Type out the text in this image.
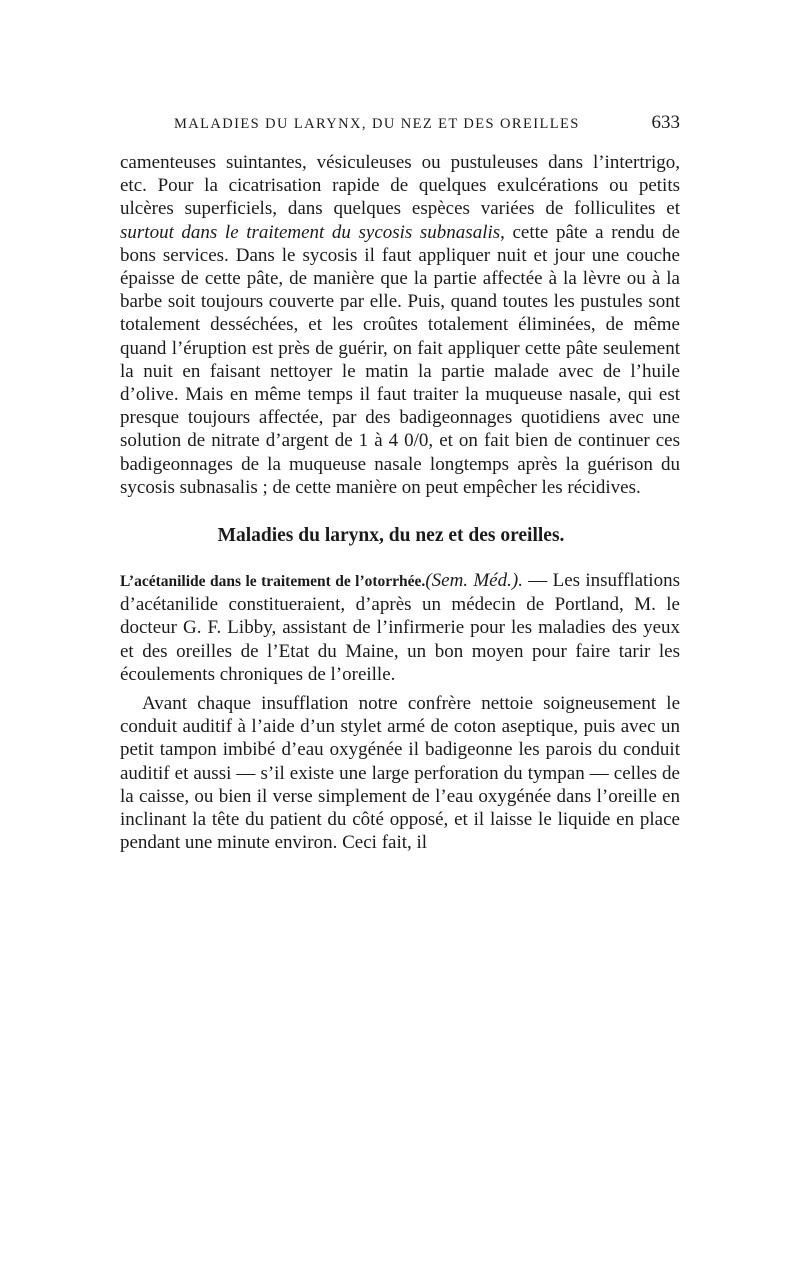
MALADIES DU LARYNX, DU NEZ ET DES OREILLES	633

camenteuses suintantes, vésiculeuses ou pustuleuses dans l’intertrigo, etc. Pour la cicatrisation rapide de quelques exulcérations ou petits ulcères superficiels, dans quelques espèces variées de folliculites et surtout dans le traitement du sycosis subnasalis, cette pâte a rendu de bons services. Dans le sycosis il faut appliquer nuit et jour une couche épaisse de cette pâte, de manière que la partie affectée à la lèvre ou à la barbe soit toujours couverte par elle. Puis, quand toutes les pustules sont totalement desséchées, et les croûtes totalement éliminées, de même quand l’éruption est près de guérir, on fait appliquer cette pâte seulement la nuit en faisant nettoyer le matin la partie malade avec de l’huile d’olive. Mais en même temps il faut traiter la muqueuse nasale, qui est presque toujours affectée, par des badigeonnages quotidiens avec une solution de nitrate d’argent de 1 à 4 0/0, et on fait bien de continuer ces badigeonnages de la muqueuse nasale longtemps après la guérison du sycosis subnasalis ; de cette manière on peut empêcher les récidives.

Maladies du larynx, du nez et des oreilles.

L’acétanilide dans le traitement de l’otorrhée.(Sem. Méd.). — Les insufflations d’acétanilide constitueraient, d’après un médecin de Portland, M. le docteur G. F. Libby, assistant de l’infirmerie pour les maladies des yeux et des oreilles de l’Etat du Maine, un bon moyen pour faire tarir les écoulements chroniques de l’oreille.

Avant chaque insufflation notre confrère nettoie soigneusement le conduit auditif à l’aide d’un stylet armé de coton aseptique, puis avec un petit tampon imbibé d’eau oxygénée il badigeonne les parois du conduit auditif et aussi — s’il existe une large perforation du tympan — celles de la caisse, ou bien il verse simplement de l’eau oxygénée dans l’oreille en inclinant la tête du patient du côté opposé, et il laisse le liquide en place pendant une minute environ. Ceci fait, il
